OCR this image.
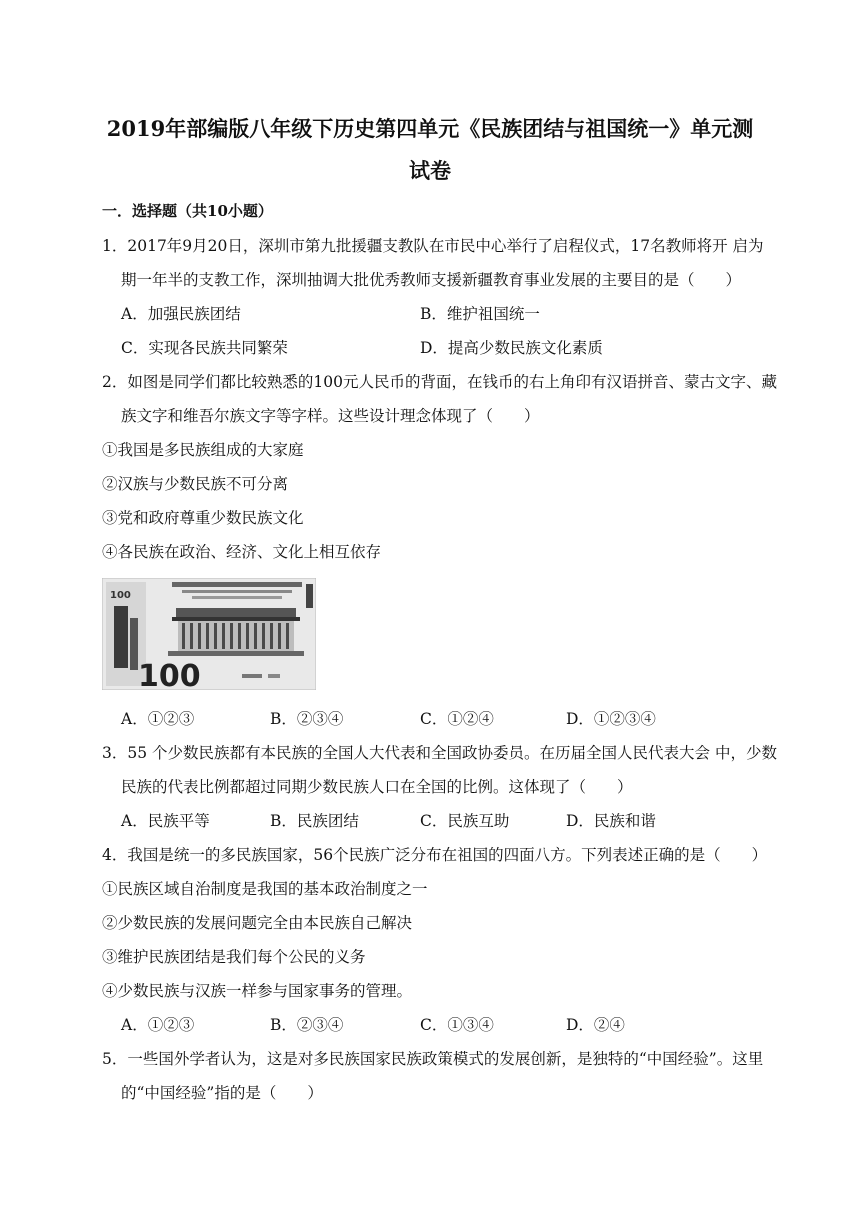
2019年部编版八年级下历史第四单元《民族团结与祖国统一》单元测
试卷
一．选择题（共10小题）
1．2017年9月20日，深圳市第九批援疆支教队在市民中心举行了启程仪式，17名教师将开 启为
期一年半的支教工作，深圳抽调大批优秀教师支援新疆教育事业发展的主要目的是（　　）
A．加强民族团结	B．维护祖国统一
C．实现各民族共同繁荣	D．提高少数民族文化素质
2．如图是同学们都比较熟悉的100元人民币的背面，在钱币的右上角印有汉语拼音、蒙古文字、藏
族文字和维吾尔族文字等字样。这些设计理念体现了（　　）
①我国是多民族组成的大家庭
②汉族与少数民族不可分离
③党和政府尊重少数民族文化
④各民族在政治、经济、文化上相互依存
100
100
A．①②③	B．②③④	C．①②④	D．①②③④
3．55 个少数民族都有本民族的全国人大代表和全国政协委员。在历届全国人民代表大会 中，少数
民族的代表比例都超过同期少数民族人口在全国的比例。这体现了（　　）
A．民族平等	B．民族团结	C．民族互助	D．民族和谐
4．我国是统一的多民族国家，56个民族广泛分布在祖国的四面八方。下列表述正确的是（　　）
①民族区域自治制度是我国的基本政治制度之一
②少数民族的发展问题完全由本民族自己解决
③维护民族团结是我们每个公民的义务
④少数民族与汉族一样参与国家事务的管理。
A．①②③	B．②③④	C．①③④	D．②④
5．一些国外学者认为，这是对多民族国家民族政策模式的发展创新，是独特的“中国经验”。这里
的“中国经验”指的是（　　）
